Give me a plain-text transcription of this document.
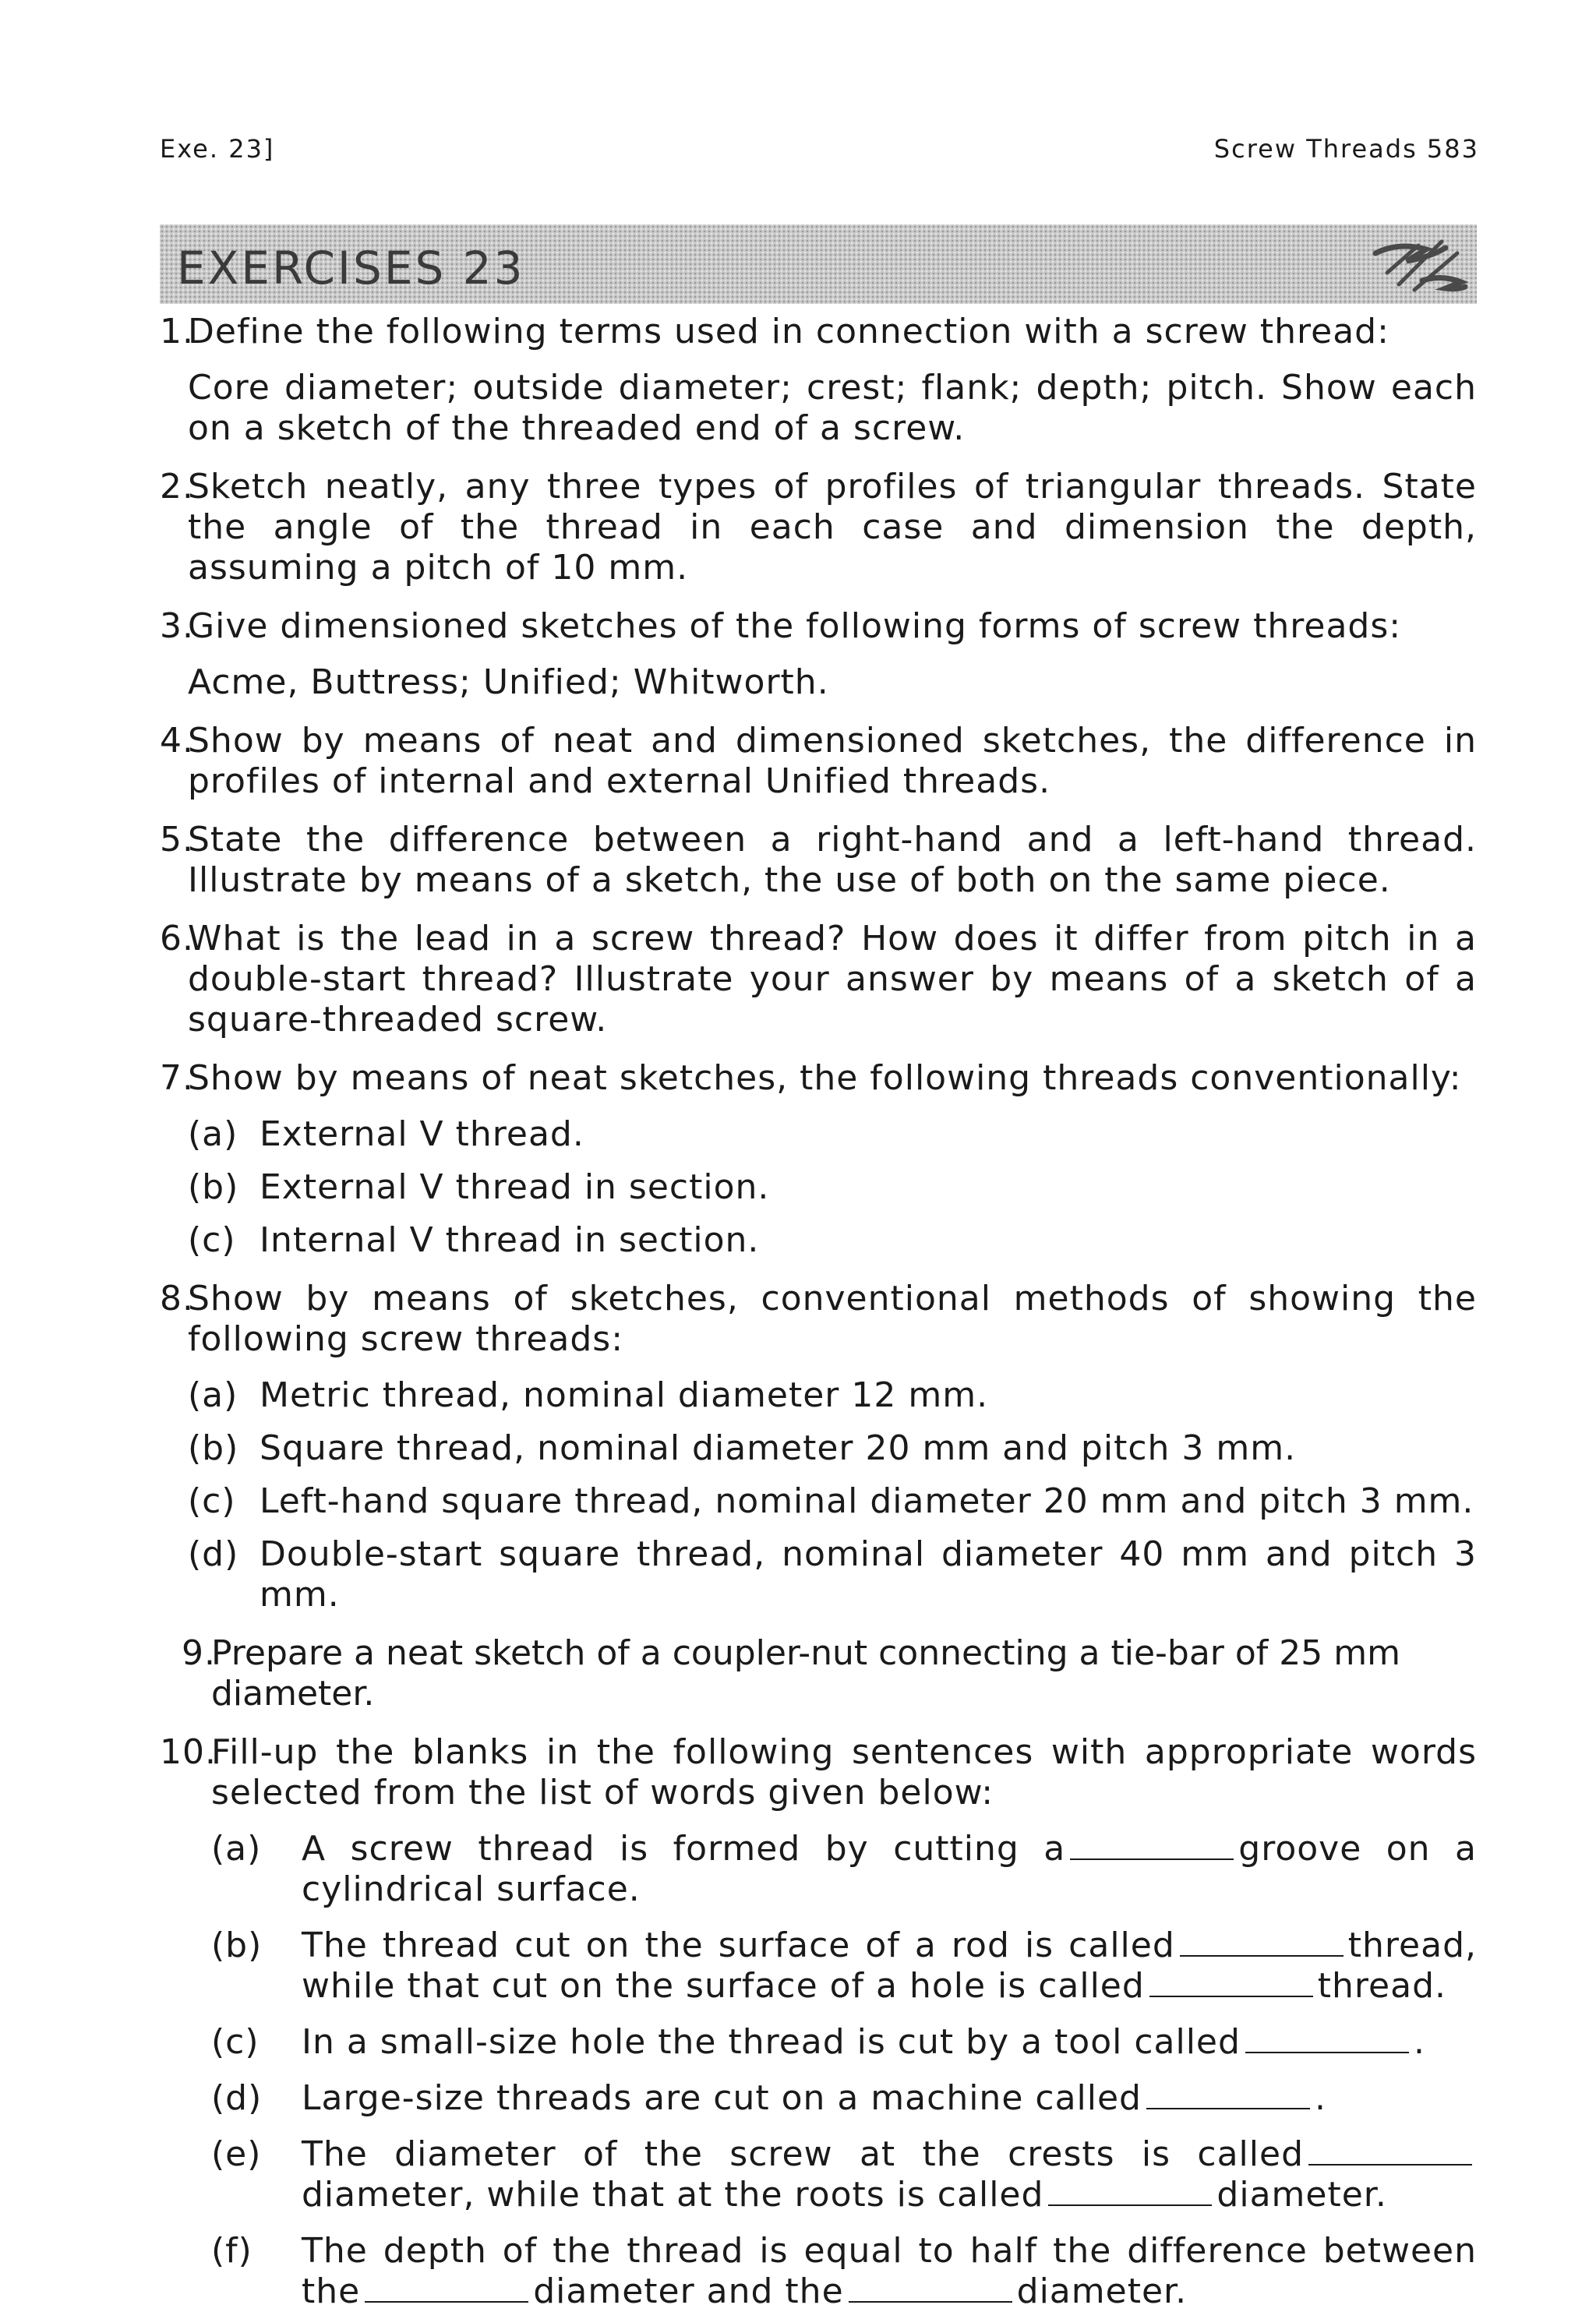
Exe. 23]	Screw Threads 583
EXERCISES 23
1.
Define the following terms used in connection with a screw thread:
Core diameter; outside diameter; crest; flank; depth; pitch. Show each on a sketch of the threaded end of a screw.
2.
Sketch neatly, any three types of profiles of triangular threads. State the angle of the thread in each case and dimension the depth, assuming a pitch of 10 mm.
3.
Give dimensioned sketches of the following forms of screw threads:
Acme, Buttress; Unified; Whitworth.
4.
Show by means of neat and dimensioned sketches, the difference in profiles of internal and external Unified threads.
5.
State the difference between a right-hand and a left-hand thread. Illustrate by means of a sketch, the use of both on the same piece.
6.
What is the lead in a screw thread? How does it differ from pitch in a double-start thread? Illustrate your answer by means of a sketch of a square-threaded screw.
7.
Show by means of neat sketches, the following threads conventionally:
(a) External V thread.
(b) External V thread in section.
(c) Internal V thread in section.
8.
Show by means of sketches, conventional methods of showing the following screw threads:
(a) Metric thread, nominal diameter 12 mm.
(b) Square thread, nominal diameter 20 mm and pitch 3 mm.
(c) Left-hand square thread, nominal diameter 20 mm and pitch 3 mm.
(d) Double-start square thread, nominal diameter 40 mm and pitch 3 mm.
9.
Prepare a neat sketch of a coupler-nut connecting a tie-bar of 25 mm diameter.
10.
Fill-up the blanks in the following sentences with appropriate words selected from the list of words given below:
(a) A screw thread is formed by cutting a	groove on a cylindrical surface.
(b) The thread cut on the surface of a rod is called	thread, while that cut on the surface of a hole is called	thread.
(c) In a small-size hole the thread is cut by a tool called	.
(d) Large-size threads are cut on a machine called	.
(e) The diameter of the screw at the crests is calleddiameter, while that at the roots is called	diameter.
(f) The depth of the thread is equal to half the difference between the	diameter and the	diameter.
